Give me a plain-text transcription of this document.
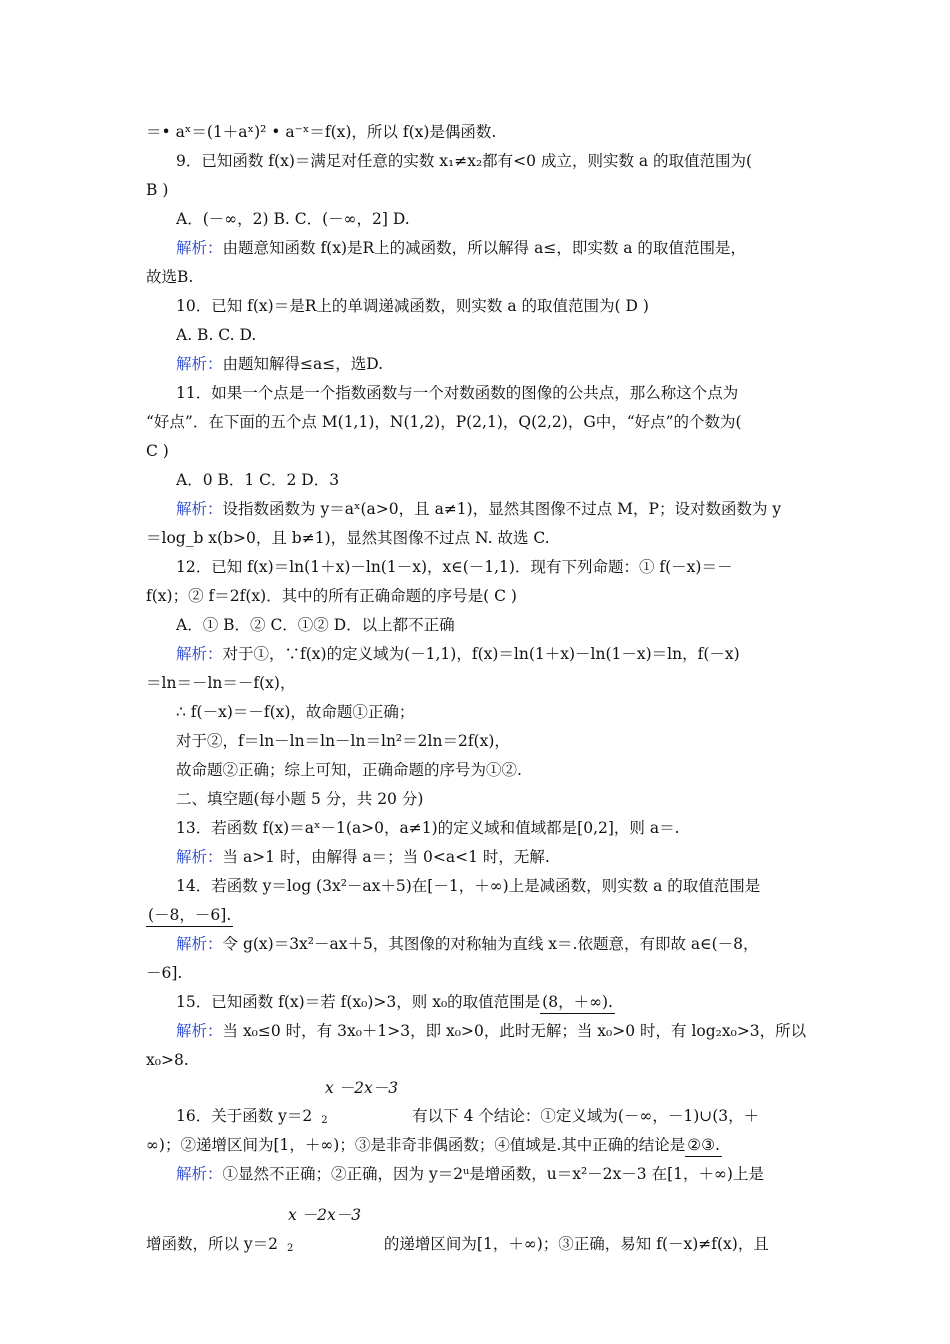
＝• aˣ＝(1＋aˣ)² • a⁻ˣ＝f(x)，所以 f(x)是偶函数.
9．已知函数 f(x)＝满足对任意的实数 x₁≠x₂都有<0 成立，则实数 a 的取值范围为(
B )
A．(－∞，2) B. C．(－∞，2] D.
解析：由题意知函数 f(x)是R上的减函数，所以解得 a≤，即实数 a 的取值范围是，
故选B.
10．已知 f(x)＝是R上的单调递减函数，则实数 a 的取值范围为( D )
A. B. C. D.
解析：由题知解得≤a≤，选D.
11．如果一个点是一个指数函数与一个对数函数的图像的公共点，那么称这个点为
“好点”．在下面的五个点 M(1,1)，N(1,2)，P(2,1)，Q(2,2)，G中，“好点”的个数为(
C )
A．0 B．1 C．2 D．3
解析：设指数函数为 y＝aˣ(a>0，且 a≠1)，显然其图像不过点 M，P；设对数函数为 y
＝log_b x(b>0，且 b≠1)，显然其图像不过点 N. 故选 C.
12．已知 f(x)＝ln(1＋x)－ln(1－x)，x∈(－1,1)．现有下列命题：① f(－x)＝－
f(x)；② f＝2f(x)．其中的所有正确命题的序号是( C )
A．① B．② C．①② D．以上都不正确
解析：对于①，∵f(x)的定义域为(－1,1)，f(x)＝ln(1＋x)－ln(1－x)＝ln，f(－x)
＝ln＝－ln＝－f(x)，
∴ f(－x)＝－f(x)，故命题①正确；
对于②，f＝ln－ln＝ln－ln＝ln²＝2ln＝2f(x)，
故命题②正确；综上可知，正确命题的序号为①②.
二、填空题(每小题 5 分，共 20 分)
13．若函数 f(x)＝aˣ－1(a>0，a≠1)的定义域和值域都是[0,2]，则 a＝.
解析：当 a>1 时，由解得 a＝；当 0<a<1 时，无解.
14．若函数 y＝log (3x²－ax＋5)在[－1，＋∞)上是减函数，则实数 a 的取值范围是
(－8，－6].
解析：令 g(x)＝3x²－ax＋5，其图像的对称轴为直线 x＝.依题意，有即故 a∈(－8，
－6].
15．已知函数 f(x)＝若 f(x₀)>3，则 x₀的取值范围是 (8，＋∞).
解析：当 x₀≤0 时，有 3x₀＋1>3，即 x₀>0，此时无解；当 x₀>0 时，有 log₂x₀>3，所以
x₀>8.
x －2x－3
16．关于函数 y＝2 2	有以下 4 个结论：①定义域为(－∞，－1)∪(3，＋
∞)；②递增区间为[1，＋∞)；③是非奇非偶函数；④值域是.其中正确的结论是 ②③.
解析：①显然不正确；②正确，因为 y＝2ᵘ是增函数，u＝x²－2x－3 在[1，＋∞)上是
x －2x－3
增函数，所以 y＝2 2	的递增区间为[1，＋∞)；③正确，易知 f(－x)≠f(x)，且
